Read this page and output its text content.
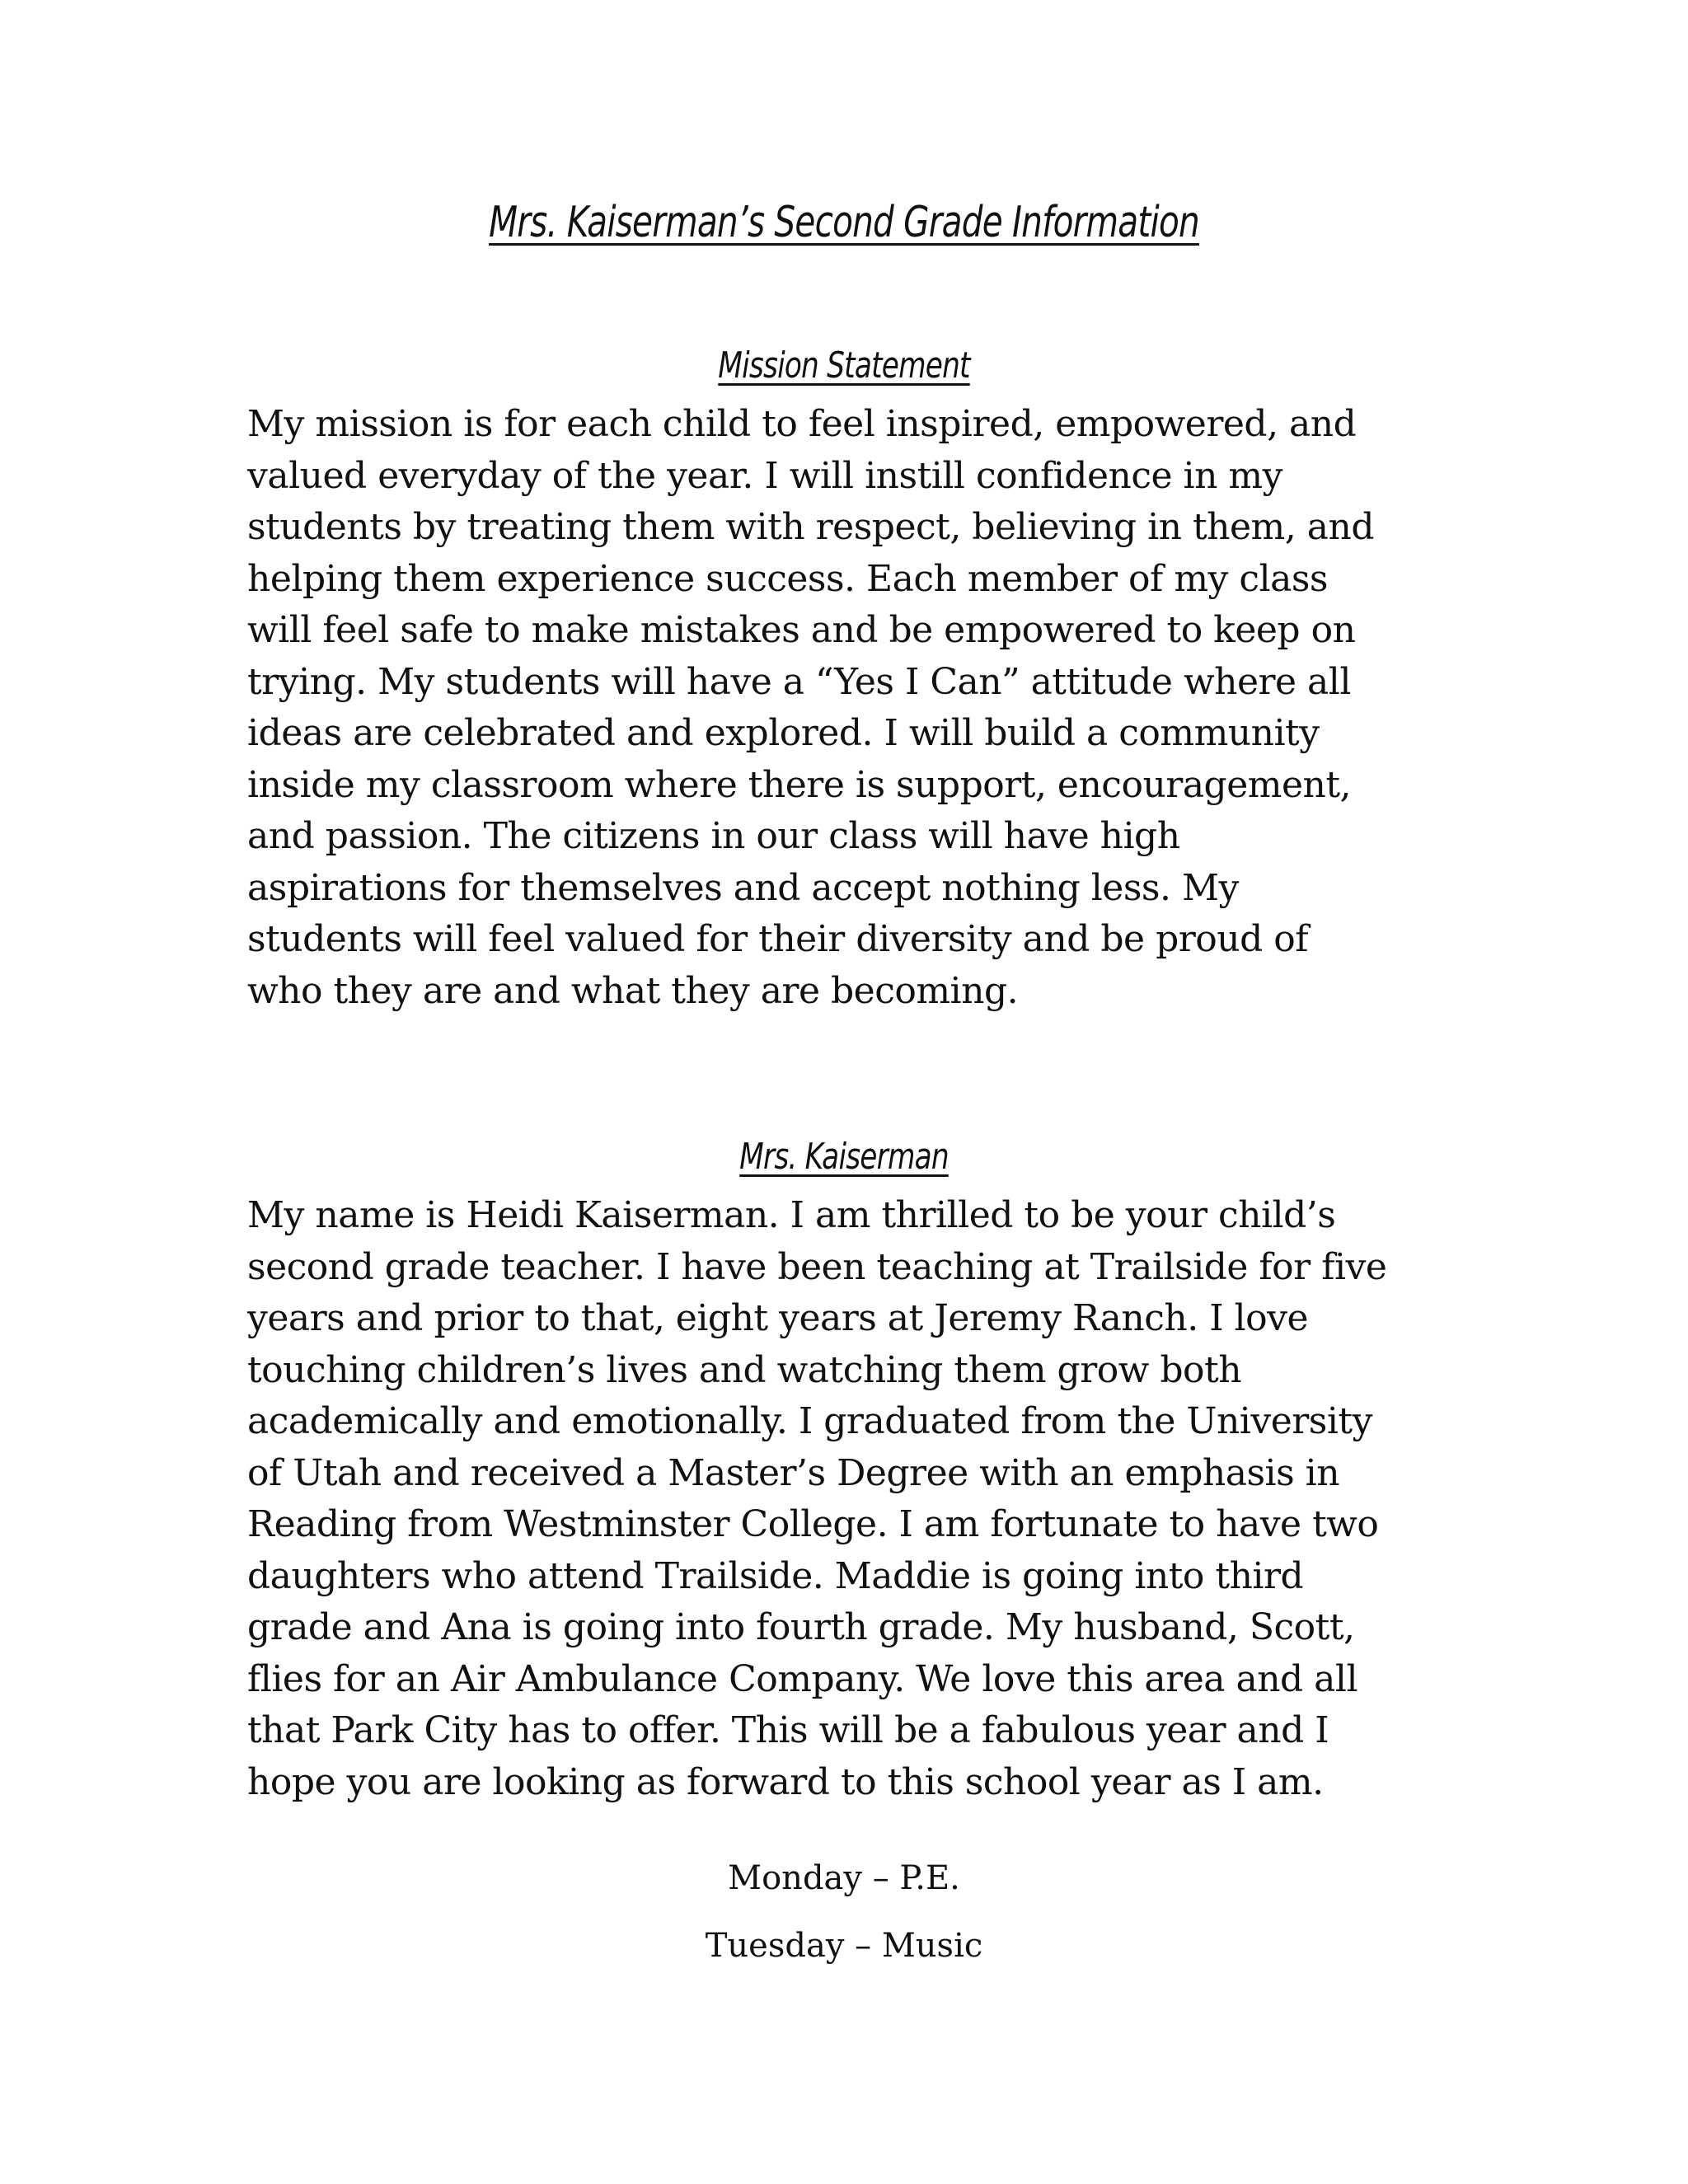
Mrs. Kaiserman’s Second Grade Information
Mission Statement
My mission is for each child to feel inspired, empowered, and
valued everyday of the year. I will instill confidence in my
students by treating them with respect, believing in them, and
helping them experience success. Each member of my class
will feel safe to make mistakes and be empowered to keep on
trying. My students will have a “Yes I Can” attitude where all
ideas are celebrated and explored. I will build a community
inside my classroom where there is support, encouragement,
and passion. The citizens in our class will have high
aspirations for themselves and accept nothing less. My
students will feel valued for their diversity and be proud of
who they are and what they are becoming.
Mrs. Kaiserman
My name is Heidi Kaiserman. I am thrilled to be your child’s
second grade teacher. I have been teaching at Trailside for five
years and prior to that, eight years at Jeremy Ranch. I love
touching children’s lives and watching them grow both
academically and emotionally. I graduated from the University
of Utah and received a Master’s Degree with an emphasis in
Reading from Westminster College. I am fortunate to have two
daughters who attend Trailside. Maddie is going into third
grade and Ana is going into fourth grade. My husband, Scott,
flies for an Air Ambulance Company. We love this area and all
that Park City has to offer. This will be a fabulous year and I
hope you are looking as forward to this school year as I am.
Monday – P.E.
Tuesday – Music
